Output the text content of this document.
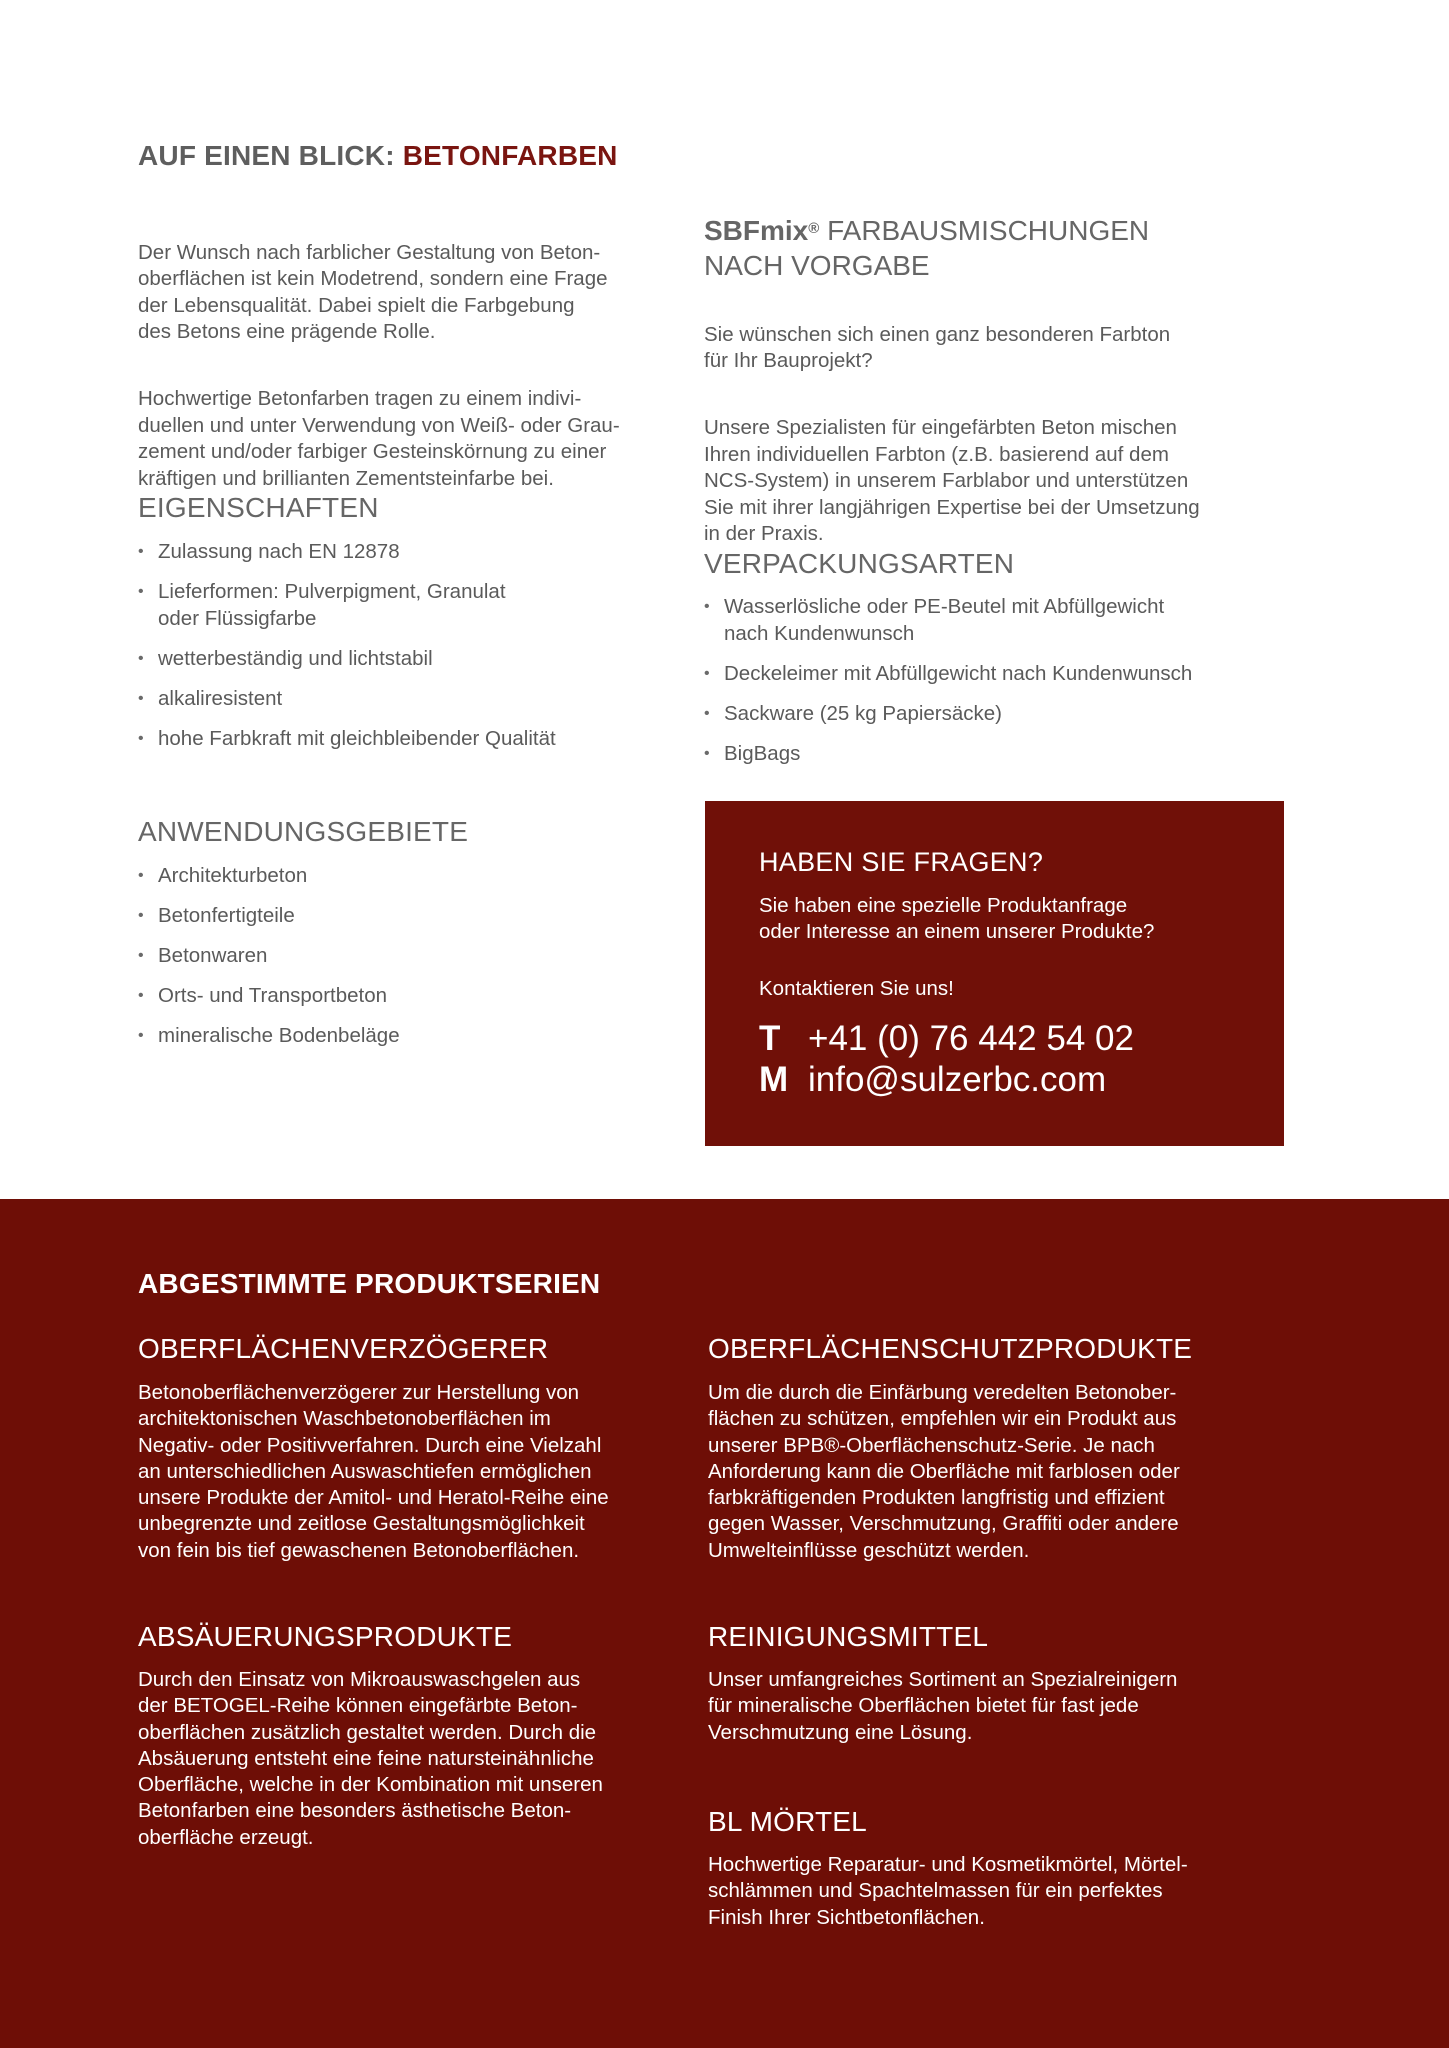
AUF EINEN BLICK: BETONFARBEN

Der Wunsch nach farblicher Gestaltung von Beton-
oberflächen ist kein Modetrend, sondern eine Frage
der Lebensqualität. Dabei spielt die Farbgebung
des Betons eine prägende Rolle.

Hochwertige Betonfarben tragen zu einem indivi-
duellen und unter Verwendung von Weiß- oder Grau-
zement und/oder farbiger Gesteinskörnung zu einer
kräftigen und brillianten Zementsteinfarbe bei.

EIGENSCHAFTEN
• Zulassung nach EN 12878
• Lieferformen: Pulverpigment, Granulat
oder Flüssigfarbe
• wetterbeständig und lichtstabil
• alkaliresistent
• hohe Farbkraft mit gleichbleibender Qualität
ANWENDUNGSGEBIETE
• Architekturbeton
• Betonfertigteile
• Betonwaren
• Orts- und Transportbeton
• mineralische Bodenbeläge
SBFmix® FARBAUSMISCHUNGEN
NACH VORGABE

Sie wünschen sich einen ganz besonderen Farbton
für Ihr Bauprojekt?

Unsere Spezialisten für eingefärbten Beton mischen
Ihren individuellen Farbton (z.B. basierend auf dem
NCS-System) in unserem Farblabor und unterstützen
Sie mit ihrer langjährigen Expertise bei der Umsetzung
in der Praxis.

VERPACKUNGSARTEN
• Wasserlösliche oder PE-Beutel mit Abfüllgewicht
nach Kundenwunsch
• Deckeleimer mit Abfüllgewicht nach Kundenwunsch
• Sackware (25 kg Papiersäcke)
• BigBags
HABEN SIE FRAGEN?
Sie haben eine spezielle Produktanfrage
oder Interesse an einem unserer Produkte?
Kontaktieren Sie uns!
T +41 (0) 76 442 54 02
M info@sulzerbc.com
ABGESTIMMTE PRODUKTSERIEN
OBERFLÄCHENVERZÖGERER
Betonoberflächenverzögerer zur Herstellung von
architektonischen Waschbetonoberflächen im
Negativ- oder Positivverfahren. Durch eine Vielzahl
an unterschiedlichen Auswaschtiefen ermöglichen
unsere Produkte der Amitol- und Heratol-Reihe eine
unbegrenzte und zeitlose Gestaltungsmöglichkeit
von fein bis tief gewaschenen Betonoberflächen.
ABSÄUERUNGSPRODUKTE
Durch den Einsatz von Mikroauswaschgelen aus
der BETOGEL-Reihe können eingefärbte Beton-
oberflächen zusätzlich gestaltet werden. Durch die
Absäuerung entsteht eine feine natursteinähnliche
Oberfläche, welche in der Kombination mit unseren
Betonfarben eine besonders ästhetische Beton-
oberfläche erzeugt.
OBERFLÄCHENSCHUTZPRODUKTE
Um die durch die Einfärbung veredelten Betonober-
flächen zu schützen, empfehlen wir ein Produkt aus
unserer BPB®-Oberflächenschutz-Serie. Je nach
Anforderung kann die Oberfläche mit farblosen oder
farbkräftigenden Produkten langfristig und effizient
gegen Wasser, Verschmutzung, Graffiti oder andere
Umwelteinflüsse geschützt werden.
REINIGUNGSMITTEL
Unser umfangreiches Sortiment an Spezialreinigern
für mineralische Oberflächen bietet für fast jede
Verschmutzung eine Lösung.
BL MÖRTEL
Hochwertige Reparatur- und Kosmetikmörtel, Mörtel-
schlämmen und Spachtelmassen für ein perfektes
Finish Ihrer Sichtbetonflächen.
